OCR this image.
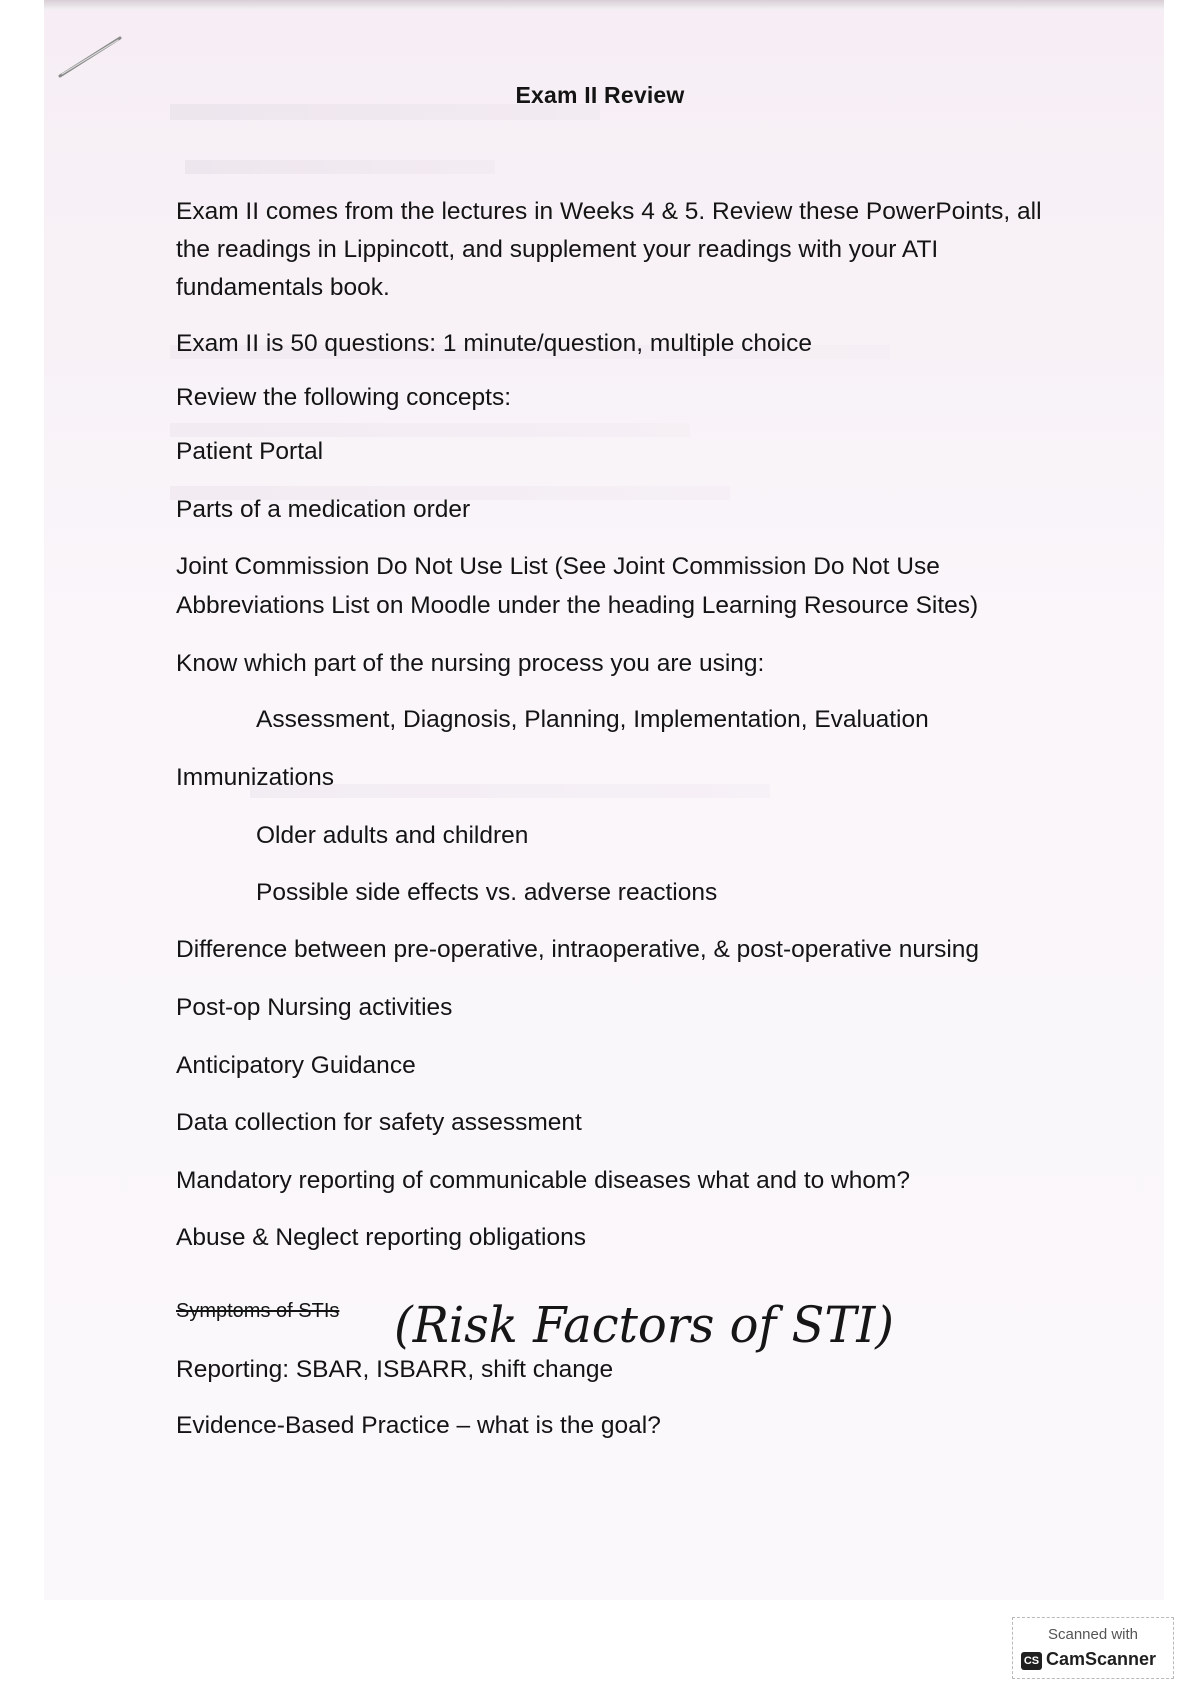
Exam II Review
Exam II comes from the lectures in Weeks 4 & 5. Review these PowerPoints, all
the readings in Lippincott, and supplement your readings with your ATI
fundamentals book.
Exam II is 50 questions: 1 minute/question, multiple choice
Review the following concepts:
Patient Portal
Parts of a medication order
Joint Commission Do Not Use List (See Joint Commission Do Not Use
Abbreviations List on Moodle under the heading Learning Resource Sites)
Know which part of the nursing process you are using:
Assessment, Diagnosis, Planning, Implementation, Evaluation
Immunizations
Older adults and children
Possible side effects vs. adverse reactions
Difference between pre-operative, intraoperative, & post-operative nursing
Post-op Nursing activities
Anticipatory Guidance
Data collection for safety assessment
Mandatory reporting of communicable diseases what and to whom?
Abuse & Neglect reporting obligations
Symptoms of STIs
Reporting: SBAR, ISBARR, shift change
Evidence-Based Practice – what is the goal?
(Risk Factors of STI)
Scanned with
CS CamScanner
